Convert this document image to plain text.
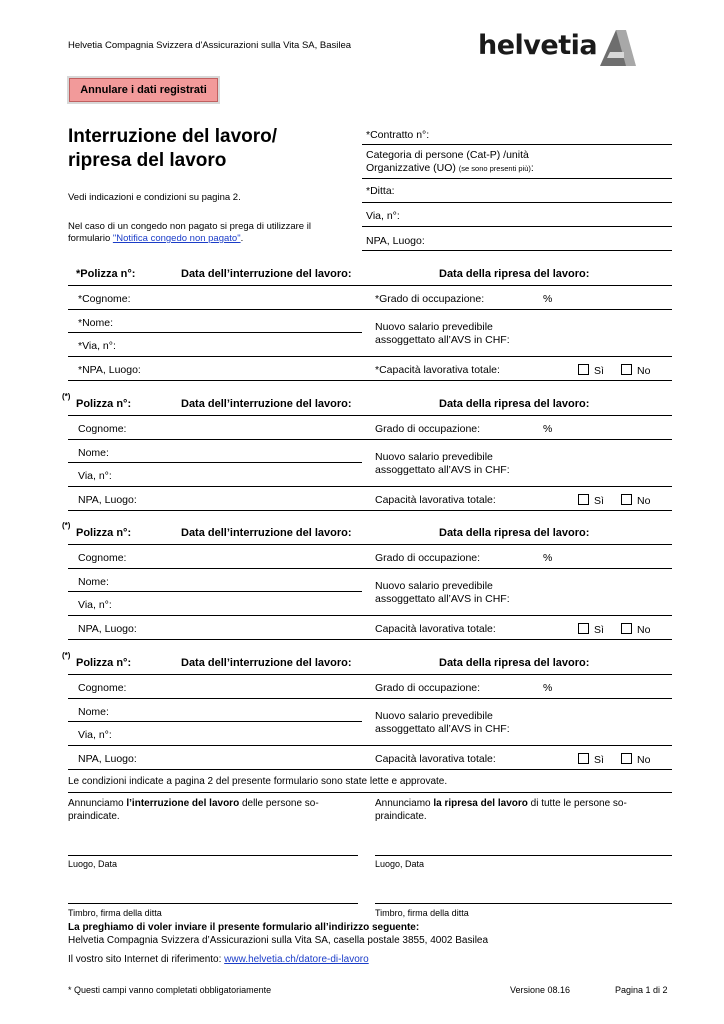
Helvetia Compagnia Svizzera d'Assicurazioni sulla Vita SA, Basilea	helvetia
Annulare i dati registrati
Interruzione del lavoro/
ripresa del lavoro
Vedi indicazioni e condizioni su pagina 2.
Nel caso di un congedo non pagato si prega di utilizzare il formulario "Notifica congedo non pagato".
*Contratto n°:
Categoria di persone (Cat-P) /unità
Organizzative (UO) (se sono presenti più):
*Ditta:
Via, n°:
NPA, Luogo:
*Polizza n°:	Data dell’interruzione del lavoro:	Data della ripresa del lavoro:
*Cognome:	*Grado di occupazione:	%
*Nome:	Nuovo salario prevedibile
assoggettato all’AVS in CHF:
*Via, n°:
*NPA, Luogo:	*Capacità lavorativa totale:	Sì	No
(*)
Polizza n°:	Data dell’interruzione del lavoro:	Data della ripresa del lavoro:
Cognome:	Grado di occupazione:	%
Nome:	Nuovo salario prevedibile
assoggettato all’AVS in CHF:
Via, n°:
NPA, Luogo:	Capacità lavorativa totale:	Sì	No
(*)
Polizza n°:	Data dell’interruzione del lavoro:	Data della ripresa del lavoro:
Cognome:	Grado di occupazione:	%
Nome:	Nuovo salario prevedibile
assoggettato all’AVS in CHF:
Via, n°:
NPA, Luogo:	Capacità lavorativa totale:	Sì	No
(*)
Polizza n°:	Data dell’interruzione del lavoro:	Data della ripresa del lavoro:
Cognome:	Grado di occupazione:	%
Nome:	Nuovo salario prevedibile
assoggettato all’AVS in CHF:
Via, n°:
NPA, Luogo:	Capacità lavorativa totale:	Sì	No
Le condizioni indicate a pagina 2 del presente formulario sono state lette e approvate.
Annunciamo l’interruzione del lavoro delle persone so-
praindicate.
Annunciamo la ripresa del lavoro di tutte le persone so-
praindicate.
Luogo, Data	Luogo, Data
Timbro, firma della ditta	Timbro, firma della ditta
La preghiamo di voler inviare il presente formulario all’indirizzo seguente:
Helvetia Compagnia Svizzera d’Assicurazioni sulla Vita SA, casella postale 3855, 4002 Basilea
Il vostro sito Internet di riferimento: www.helvetia.ch/datore-di-lavoro
* Questi campi vanno completati obbligatoriamente	Versione 08.16	Pagina 1 di 2
